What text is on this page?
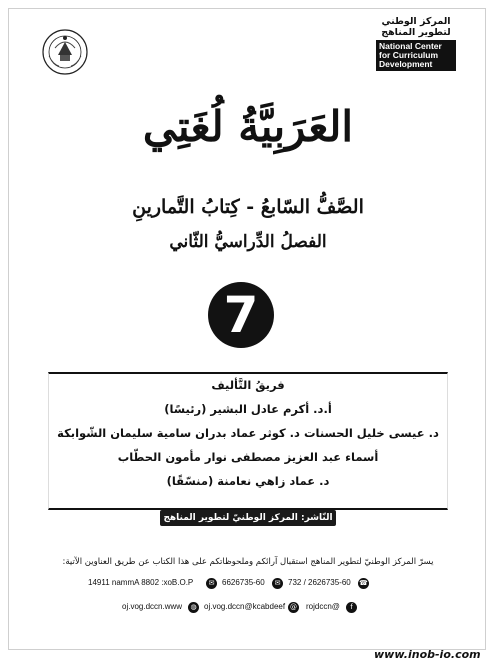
المركز الوطني
لتطوير المناهج
National Center
for Curriculum
Development
العَرَبِيَّةُ لُغَتِي
الصَّفُّ السّابعُ - كِتابُ التَّمارينِ
الفصلُ الدِّراسيُّ الثّاني
7
فريقُ التَّأليف
أ.د. أكرم عادل البشير (رئيسًا)
د. عيسى خليل الحسنات د. كوثر عماد بدران سامية سليمان الشّوابكة
أسماء عبد العزيز مصطفى نوار مأمون الحطّاب
د. عماد زاهي نعامنة (منسّقًا)
النّاشر: المركز الوطنيّ لتطوير المناهج
يسرّ المركز الوطنيّ لتطوير المناهج استقبال آرائكم وملحوظاتكم على هذا الكتاب عن طريق العناوين الآتية:
☎
732 / 2626735-60
✉
6626735-60
✉
14911 nammA 8802 :xoB.O.P
f
rojdccn@
@
oj.vog.dccn@kcabdeef
◍
oj.vog.dccn.www
www.inob-io.com
